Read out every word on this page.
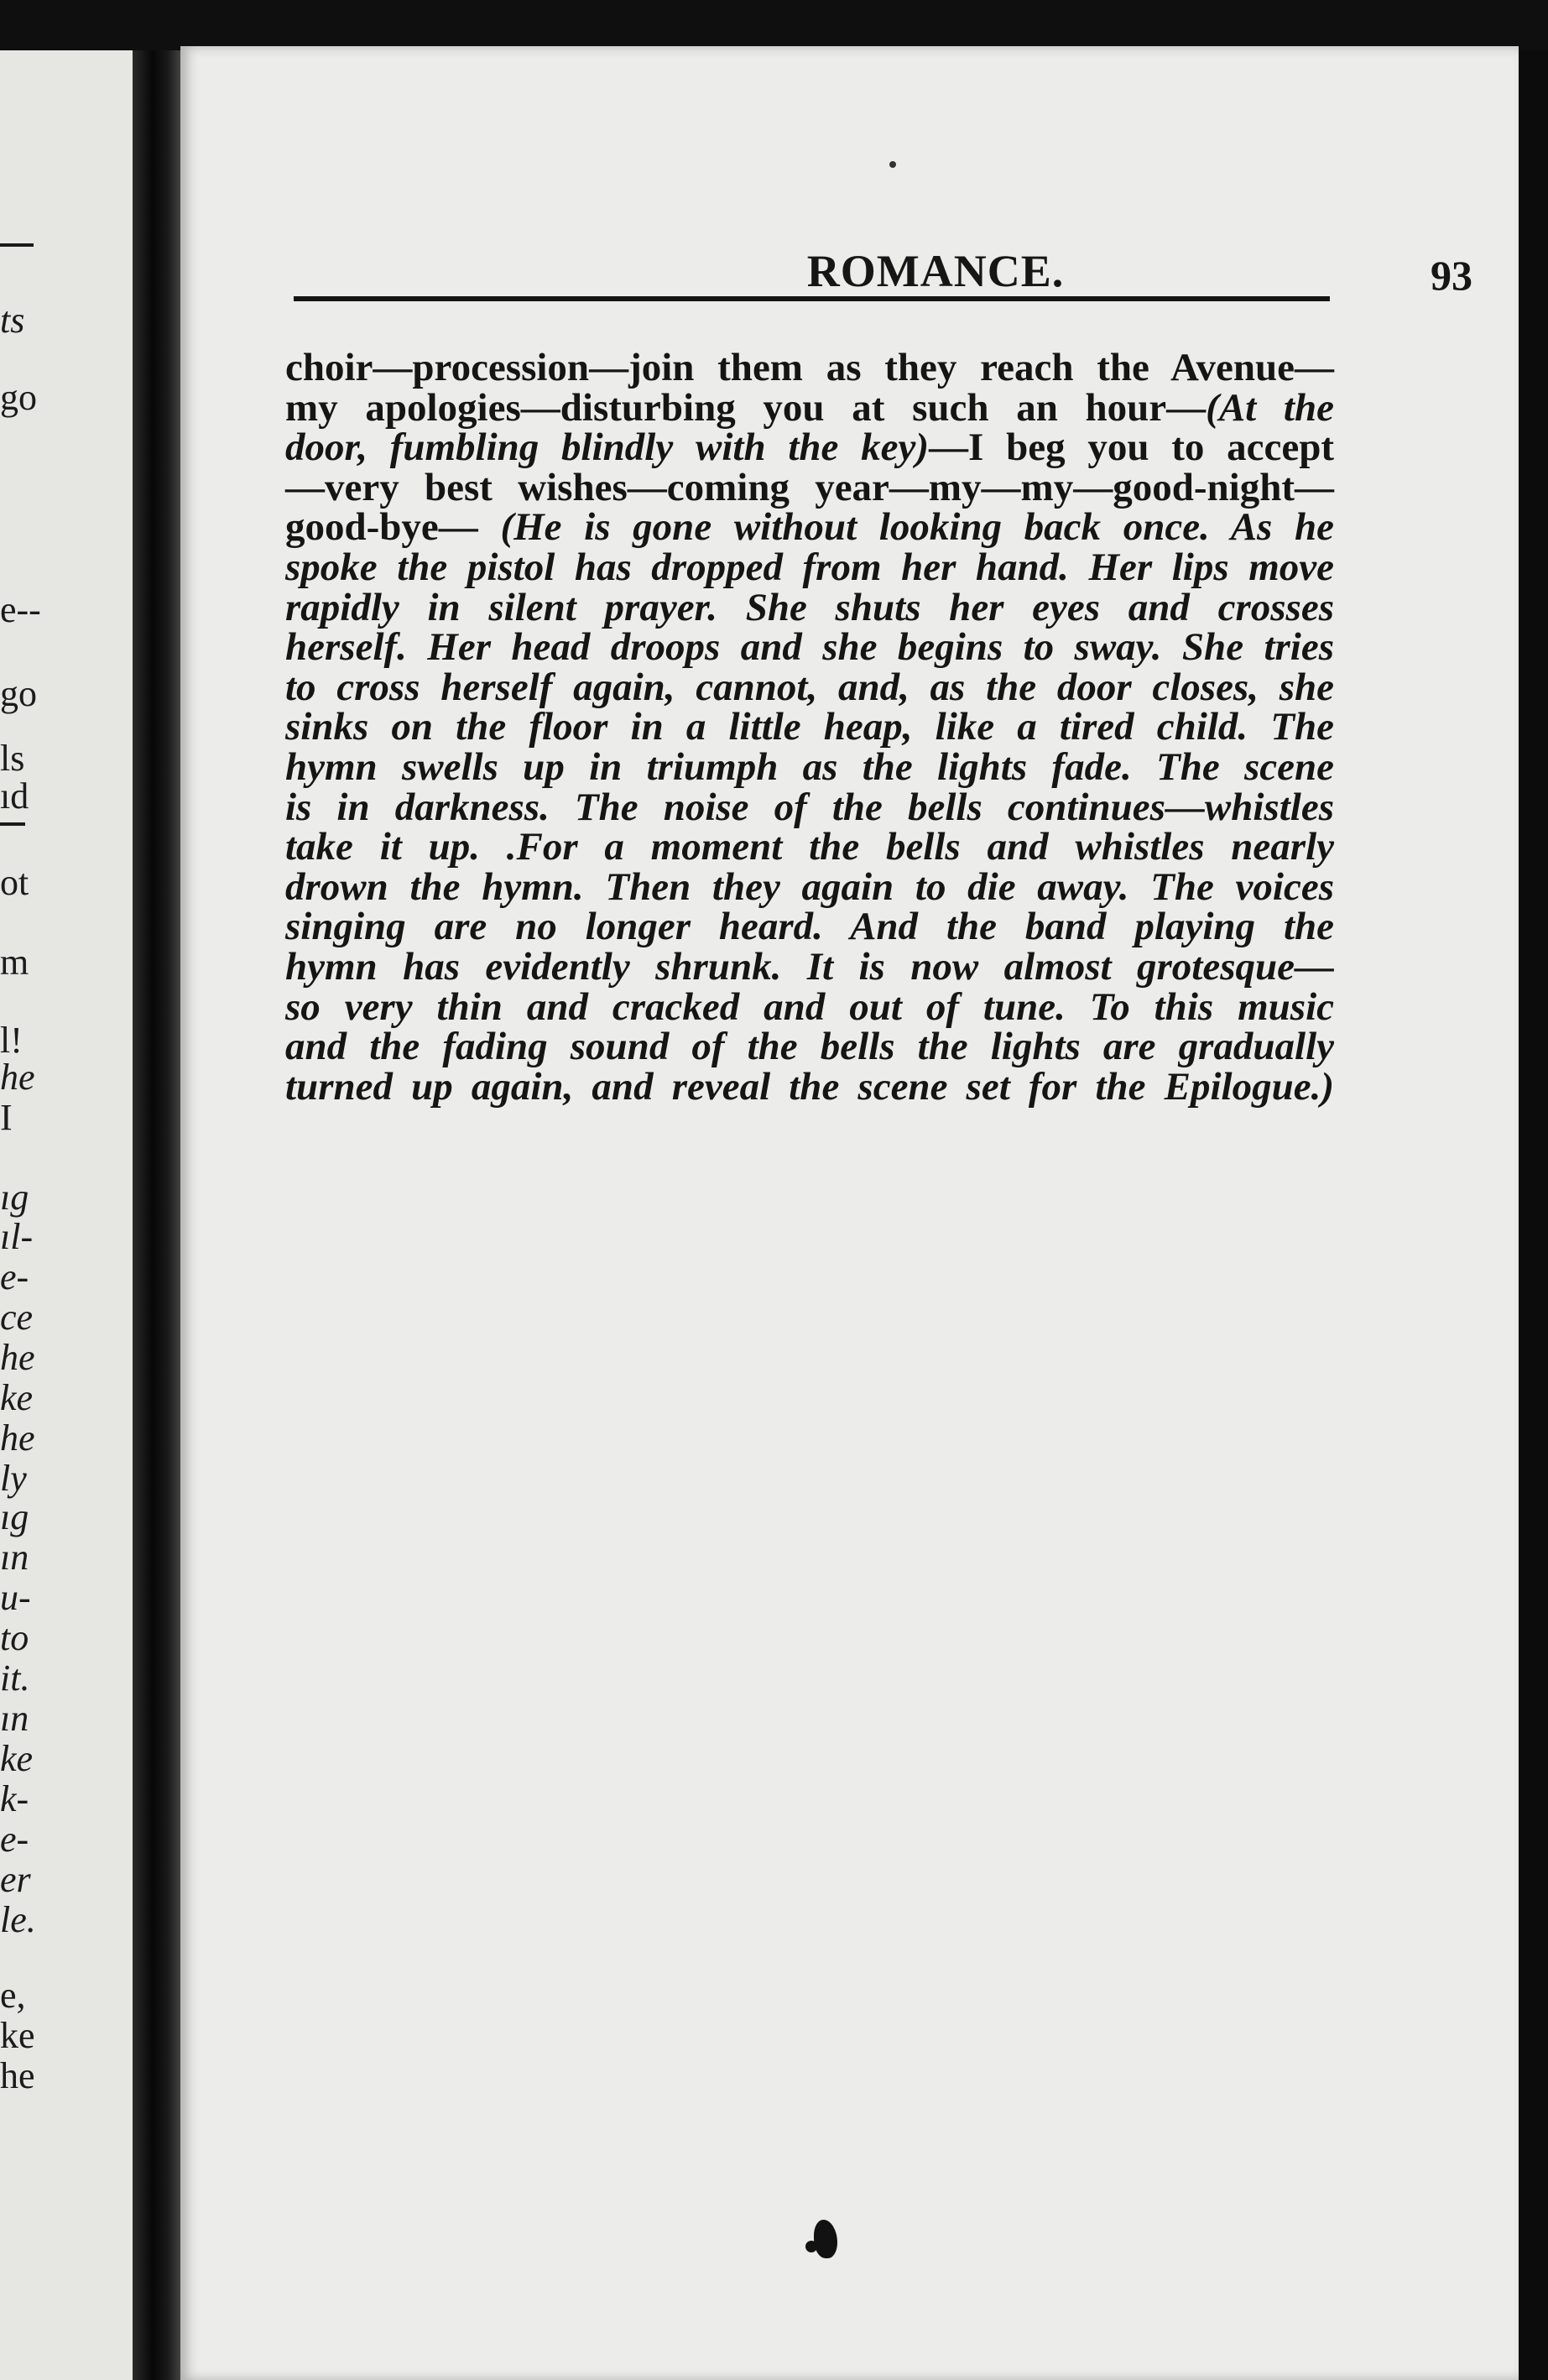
ts
go
e--
go
ls
ıd
ot
m
l!
he
I
ıg
ıl-
e-
ce
he
ke
he
ly
ıg
ın
u-
to
it.
ın
ke
k-
e-
er
le.
e,
ke
he
ROMANCE.	93
choir—procession—join them as they reach the Avenue—
my apologies—disturbing you at such an hour—(At the
door, fumbling blindly with the key)—I beg you to accept
—very best wishes—coming year—my—my—good-night—
good-bye— (He is gone without looking back once. As he
spoke the pistol has dropped from her hand. Her lips move
rapidly in silent prayer. She shuts her eyes and crosses
herself. Her head droops and she begins to sway. She tries
to cross herself again, cannot, and, as the door closes, she
sinks on the floor in a little heap, like a tired child. The
hymn swells up in triumph as the lights fade. The scene
is in darkness. The noise of the bells continues—whistles
take it up. .For a moment the bells and whistles nearly
drown the hymn. Then they again to die away. The voices
singing are no longer heard. And the band playing the
hymn has evidently shrunk. It is now almost grotesque—
so very thin and cracked and out of tune. To this music
and the fading sound of the bells the lights are gradually
turned up again, and reveal the scene set for the Epilogue.)
